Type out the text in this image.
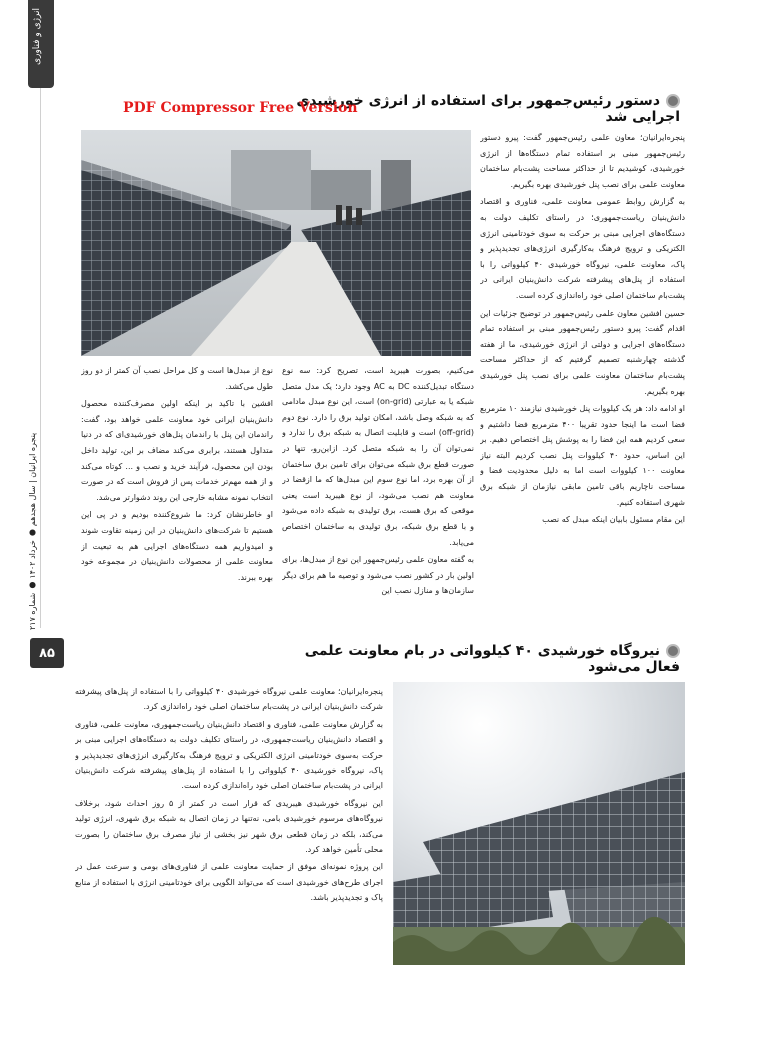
انرژی و فناوری
پنجره ایرانیان | سال هجدهم ● خرداد ۱۴۰۲ ● شماره ۲۱۷
۸۵
دستور رئیس‌جمهور برای استفاده از انرژی خورشیدی اجرایی شد
PDF Compressor Free Version

پنجره‌ایرانیان؛ معاون علمی رئیس‌جمهور گفت: پیرو دستور رئیس‌جمهور مبنی بر استفاده تمام دستگاه‌ها از انرژی خورشیدی، کوشیدیم تا از حداکثر مساحت پشت‌بام ساختمان معاونت علمی برای نصب پنل خورشیدی بهره بگیریم.

به گزارش روابط عمومی معاونت علمی، فناوری و اقتصاد دانش‌بنیان ریاست‌جمهوری؛ در راستای تکلیف دولت به دستگاه‌های اجرایی مبنی بر حرکت به سوی خودتامینی انرژی الکتریکی و ترویج فرهنگ به‌کارگیری انرژی‌های تجدیدپذیر و پاک، معاونت علمی، نیروگاه خورشیدی ۴۰ کیلوواتی را با استفاده از پنل‌های پیشرفته شرکت دانش‌بنیان ایرانی در پشت‌بام ساختمان اصلی خود راه‌اندازی کرده است.

حسین افشین معاون علمی رئیس‌جمهور در توضیح جزئیات این اقدام گفت: پیرو دستور رئیس‌جمهور مبنی بر استفاده تمام دستگاه‌های اجرایی و دولتی از انرژی خورشیدی، ما از هفته گذشته چهارشنبه تصمیم گرفتیم که از حداکثر مساحت پشت‌بام ساختمان معاونت علمی برای نصب پنل خورشیدی بهره بگیریم.

او ادامه داد: هر یک کیلووات پنل خورشیدی نیازمند ۱۰ مترمربع فضا است ما اینجا حدود تقریبا ۴۰۰ مترمربع فضا داشتیم و سعی کردیم همه این فضا را به پوشش پنل اختصاص دهیم. بر این اساس، حدود ۴۰ کیلووات پنل نصب کردیم البته نیاز معاونت ۱۰۰ کیلووات است اما به دلیل محدودیت فضا و مساحت ناچاریم باقی تامین مابقی نیازمان از شبکه برق شهری استفاده کنیم.

این مقام مسئول بابیان اینکه مبدل که نصب

می‌کنیم، بصورت هیبرید است، تصریح کرد: سه نوع دستگاه تبدیل‌کننده DC به AC وجود دارد؛ یک مدل متصل شبکه یا به عبارتی (on-grid) است، این نوع مبدل مادامی که به شبکه وصل باشد، امکان تولید برق را دارد. نوع دوم (off-grid) است و قابلیت اتصال به شبکه برق را ندارد و نمی‌توان آن را به شبکه متصل کرد. ازاین‌رو، تنها در صورت قطع برق شبکه می‌توان برای تامین برق ساختمان از آن بهره برد، اما نوع سوم این مبدل‌ها که ما ازقضا در معاونت هم نصب می‌شود، از نوع هیبرید است یعنی موقعی که برق هست، برق تولیدی به شبکه داده می‌شود و با قطع برق شبکه، برق تولیدی به ساختمان اختصاص می‌یابد.

به گفته معاون علمی رئیس‌جمهور این نوع از مبدل‌ها، برای اولین بار در کشور نصب می‌شود و توصیه ما هم برای دیگر سازمان‌ها و منازل نصب این

نوع از مبدل‌ها است و کل مراحل نصب آن کمتر از دو روز طول می‌کشد.

افشین با تاکید بر اینکه اولین مصرف‌کننده محصول دانش‌بنیان ایرانی خود معاونت علمی خواهد بود، گفت: راندمان این پنل با راندمان پنل‌های خورشیدی‌ای که در دنیا متداول هستند، برابری می‌کند مضاف بر این، تولید داخل بودن این محصول، فرآیند خرید و نصب و ... کوتاه می‌کند و از همه مهم‌تر خدمات پس از فروش است که در صورت انتخاب نمونه مشابه خارجی این روند دشوارتر می‌شد.

او خاطرنشان کرد: ما شروع‌کننده بودیم و در پی این هستیم تا شرکت‌های دانش‌بنیان در این زمینه تقاوت شوند و امیدواریم همه دستگاه‌های اجرایی هم به تبعیت از معاونت علمی از محصولات دانش‌بنیان در مجموعه خود بهره ببرند.

نیروگاه خورشیدی ۴۰ کیلوواتی در بام معاونت علمی فعال می‌شود

پنجره‌ایرانیان؛ معاونت علمی نیروگاه خورشیدی ۴۰ کیلوواتی را با استفاده از پنل‌های پیشرفته شرکت دانش‌بنیان ایرانی در پشت‌بام ساختمان اصلی خود راه‌اندازی کرد.

به گزارش معاونت علمی، فناوری و اقتصاد دانش‌بنیان ریاست‌جمهوری، معاونت علمی، فناوری و اقتصاد دانش‌بنیان ریاست‌جمهوری، در راستای تکلیف دولت به دستگاه‌های اجرایی مبنی بر حرکت به‌سوی خودتامینی انرژی الکتریکی و ترویج فرهنگ به‌کارگیری انرژی‌های تجدیدپذیر و پاک، نیروگاه خورشیدی ۴۰ کیلوواتی را با استفاده از پنل‌های پیشرفته شرکت دانش‌بنیان ایرانی در پشت‌بام ساختمان اصلی خود راه‌اندازی کرده است.

این نیروگاه خورشیدی هیبریدی که قرار است در کمتر از ۵ روز احداث شود، برخلاف نیروگاه‌های مرسوم خورشیدی بامی، نه‌تنها در زمان اتصال به شبکه برق شهری، انرژی تولید می‌کند، بلکه در زمان قطعی برق شهر نیز بخشی از نیاز مصرف برق ساختمان را بصورت محلی تأمین خواهد کرد.

این پروژه نمونه‌ای موفق از حمایت معاونت علمی از فناوری‌های بومی و سرعت عمل در اجرای طرح‌های خورشیدی است که می‌تواند الگویی برای خودتامینی انرژی با استفاده از منابع پاک و تجدیدپذیر باشد.
